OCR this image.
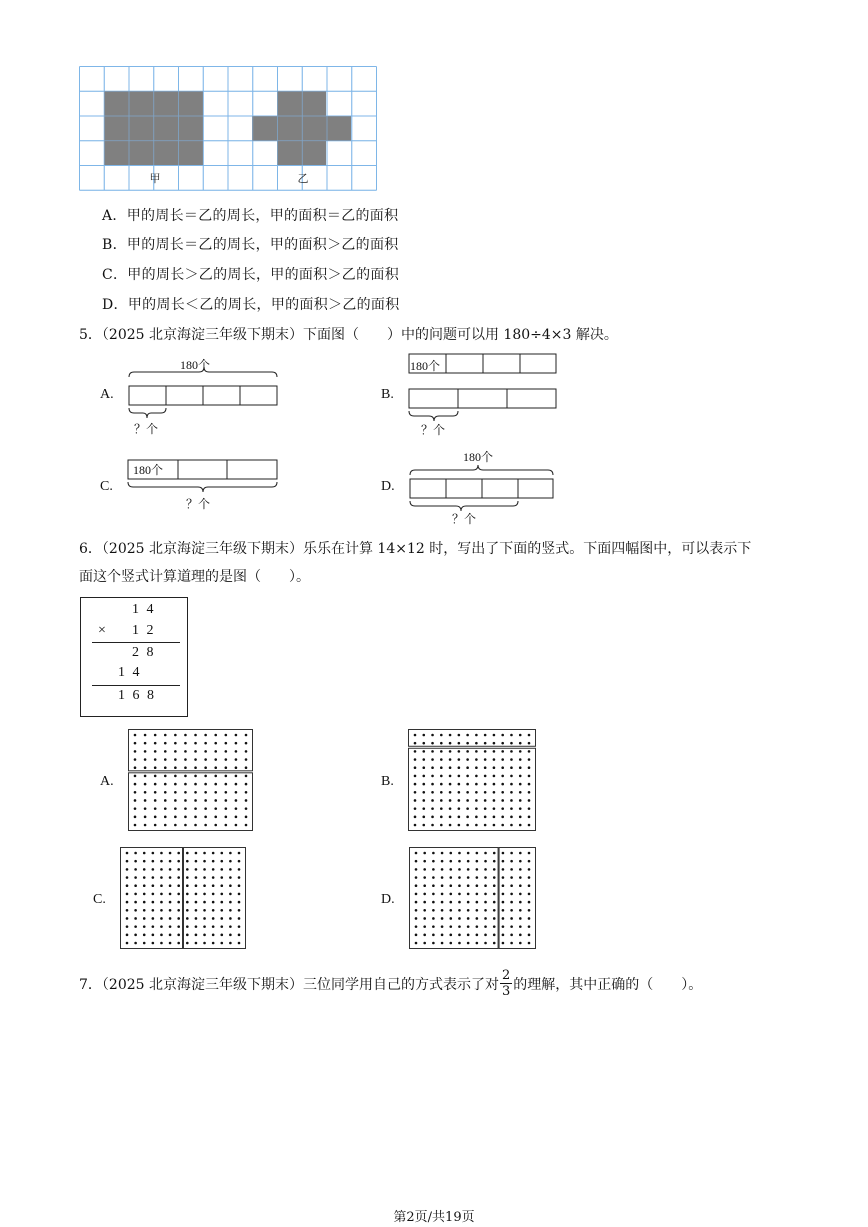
甲	乙
A．甲的周长＝乙的周长，甲的面积＝乙的面积
B．甲的周长＝乙的周长，甲的面积＞乙的面积
C．甲的周长＞乙的周长，甲的面积＞乙的面积
D．甲的周长＜乙的周长，甲的面积＞乙的面积
5．（2025 北京海淀三年级下期末）下面图（　　）中的问题可以用 180÷4×3 解决。
A.
180个
？个
B.
180个
？个
C.
180个
？个
D.
180个
？个
6．（2025 北京海淀三年级下期末）乐乐在计算 14×12 时，写出了下面的竖式。下面四幅图中，可以表示下
面这个竖式计算道理的是图（　　）。
1 4
× 1 2
2 8
1 4
1 6 8
A.	B.
C.	D.
7．（2025 北京海淀三年级下期末）三位同学用自己的方式表示了对 $\frac{2}{3}$ 的理解，其中正确的（　　）。
第2页/共19页
